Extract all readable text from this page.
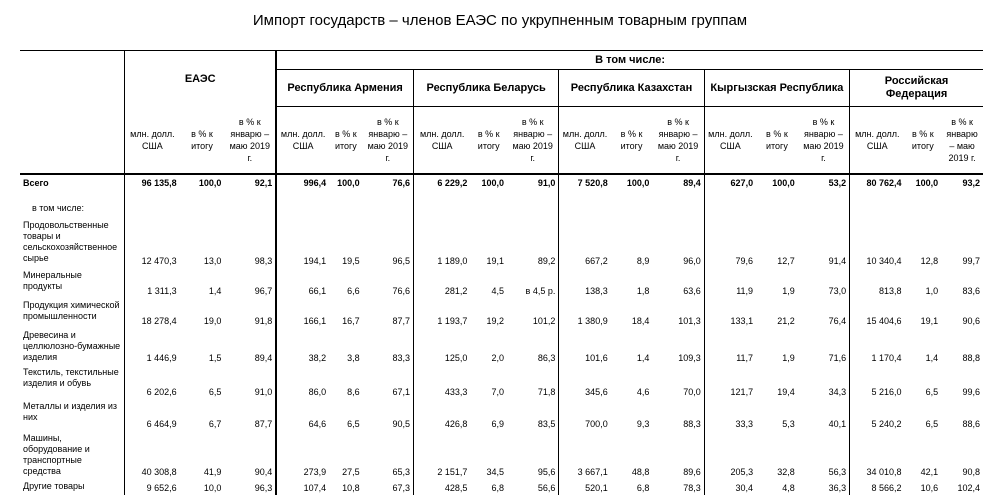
Импорт государств – членов ЕАЭС по укрупненным товарным группам
	ЕАЭС			В том числе:														
				Республика Армения			Республика Беларусь			Республика Казахстан			Кыргызская Республика			Российская Федерация		
	млн. долл. США	в % к итогу	в % к январю – маю 2019 г.	млн. долл. США	в % к итогу	в % к январю – маю 2019 г.	млн. долл. США	в % к итогу	в % к январю – маю 2019 г.	млн. долл. США	в % к итогу	в % к январю – маю 2019 г.	млн. долл. США	в % к итогу	в % к январю – маю 2019 г.	млн. долл. США	в % к итогу	в % к январю – маю 2019 г.
Всего	96 135,8	100,0	92,1	996,4	100,0	76,6	6 229,2	100,0	91,0	7 520,8	100,0	89,4	627,0	100,0	53,2	80 762,4	100,0	93,2
в том числе:																		
Продовольственные товары и сельскохозяйственное сырье	12 470,3	13,0	98,3	194,1	19,5	96,5	1 189,0	19,1	89,2	667,2	8,9	96,0	79,6	12,7	91,4	10 340,4	12,8	99,7
Минеральные продукты	1 311,3	1,4	96,7	66,1	6,6	76,6	281,2	4,5	в 4,5 р.	138,3	1,8	63,6	11,9	1,9	73,0	813,8	1,0	83,6
Продукция химической промышленности	18 278,4	19,0	91,8	166,1	16,7	87,7	1 193,7	19,2	101,2	1 380,9	18,4	101,3	133,1	21,2	76,4	15 404,6	19,1	90,6
Древесина и целлюлозно-бумажные изделия	1 446,9	1,5	89,4	38,2	3,8	83,3	125,0	2,0	86,3	101,6	1,4	109,3	11,7	1,9	71,6	1 170,4	1,4	88,8
Текстиль, текстильные изделия и обувь	6 202,6	6,5	91,0	86,0	8,6	67,1	433,3	7,0	71,8	345,6	4,6	70,0	121,7	19,4	34,3	5 216,0	6,5	99,6
Металлы и изделия из них	6 464,9	6,7	87,7	64,6	6,5	90,5	426,8	6,9	83,5	700,0	9,3	88,3	33,3	5,3	40,1	5 240,2	6,5	88,6
Машины, оборудование и транспортные средства	40 308,8	41,9	90,4	273,9	27,5	65,3	2 151,7	34,5	95,6	3 667,1	48,8	89,6	205,3	32,8	56,3	34 010,8	42,1	90,8
Другие товары	9 652,6	10,0	96,3	107,4	10,8	67,3	428,5	6,8	56,6	520,1	6,8	78,3	30,4	4,8	36,3	8 566,2	10,6	102,4
